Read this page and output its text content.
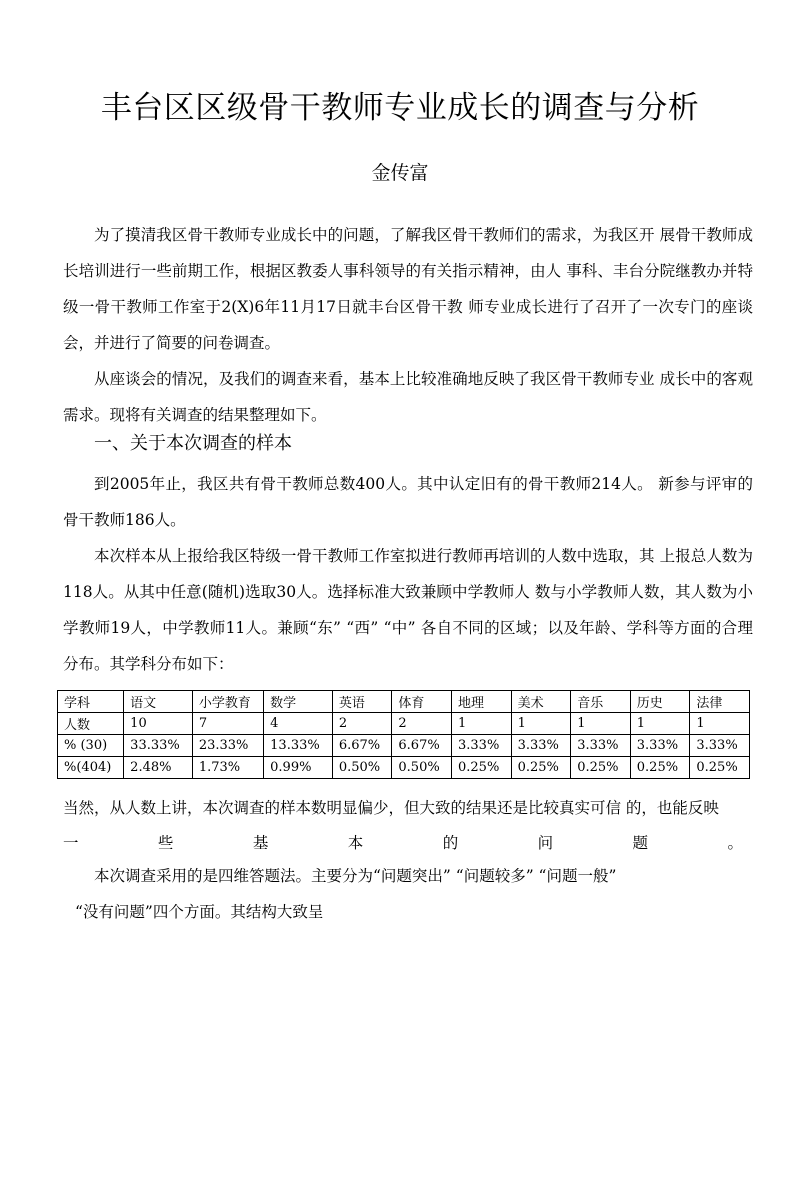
丰台区区级骨干教师专业成长的调查与分析
金传富

为了摸清我区骨干教师专业成长中的问题，了解我区骨干教师们的需求，为我区开 展骨干教师成长培训进行一些前期工作，根据区教委人事科领导的有关指示精神，由人 事科、丰台分院继教办并特级一骨干教师工作室于2(X)6年11月17日就丰台区骨干教 师专业成长进行了召开了一次专门的座谈会，并进行了简要的问卷调查。

从座谈会的情况，及我们的调查来看，基本上比较准确地反映了我区骨干教师专业 成长中的客观需求。现将有关调查的结果整理如下。

一、关于本次调查的样本

到2005年止，我区共有骨干教师总数400人。其中认定旧有的骨干教师214人。 新参与评审的骨干教师186人。

本次样本从上报给我区特级一骨干教师工作室拟进行教师再培训的人数中选取，其 上报总人数为118人。从其中任意(随机)选取30人。选择标准大致兼顾中学教师人 数与小学教师人数，其人数为小学教师19人，中学教师11人。兼顾“东” “西” “中” 各自不同的区域；以及年龄、学科等方面的合理分布。其学科分布如下：

学科	语文	小学教育	数学	英语	体育	地理	美术	音乐	历史	法律
人数	10	7	4	2	2	1	1	1	1	1
% (30)	33.33%	23.33%	13.33%	6.67%	6.67%	3.33%	3.33%	3.33%	3.33%	3.33%
%(404)	2.48%	1.73%	0.99%	0.50%	0.50%	0.25%	0.25%	0.25%	0.25%	0.25%

当然，从人数上讲，本次调查的样本数明显偏少，但大致的结果还是比较真实可信 的，也能反映

一	些	基	本	的	问	题	。

本次调查采用的是四维答题法。主要分为“问题突出” “问题较多” “问题一般”

“没有问题”四个方面。其结构大致呈
